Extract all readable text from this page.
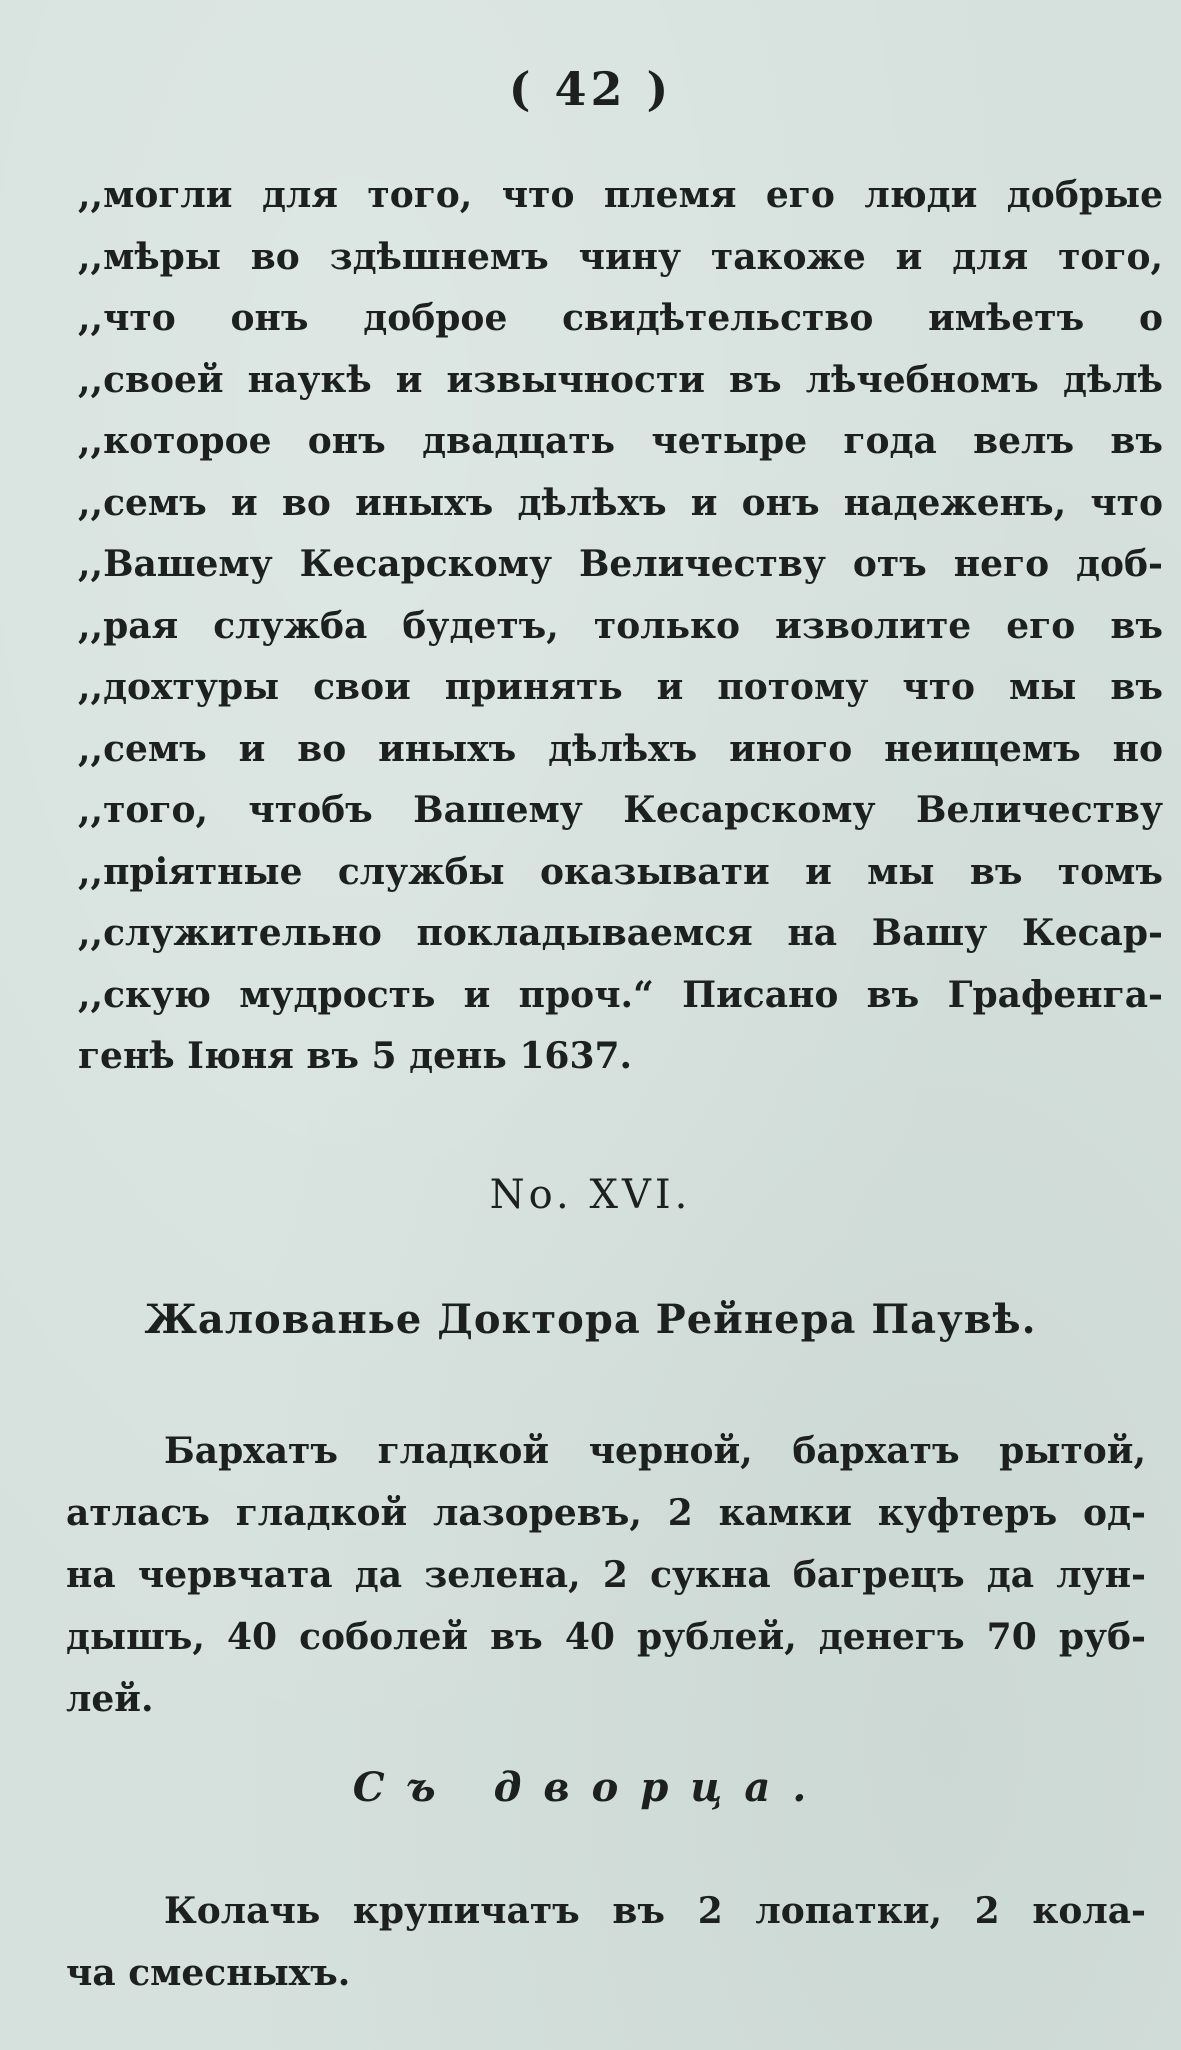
( 42 )
,,могли для того, что племя его люди добрые
,,мѣры во здѣшнемъ чину такоже и для того,
,,что онъ доброе свидѣтельство имѣетъ о
,,своей наукѣ и извычности въ лѣчебномъ дѣлѣ
,,которое онъ двадцать четыре года велъ въ
,,семъ и во иныхъ дѣлѣхъ и онъ надеженъ, что
,,Вашему Кесарскому Величеству отъ него доб-
,,рая служба будетъ, только изволите его въ
,,дохтуры свои принять и потому что мы въ
,,семъ и во иныхъ дѣлѣхъ иного неищемъ но
,,того, чтобъ Вашему Кесарскому Величеству
,,пріятные службы оказывати и мы въ томъ
,,служительно покладываемся на Вашу Кесар-
,,скую мудрость и проч.“ Писано въ Графенга-
генѣ Іюня въ 5 день 1637.
No. XVI.
Жалованье Доктора Рейнера Паувѣ.
Бархатъ гладкой черной, бархатъ рытой,
атласъ гладкой лазоревъ, 2 камки куфтеръ од-
на червчата да зелена, 2 сукна багрецъ да лун-
дышъ, 40 соболей въ 40 рублей, денегъ 70 руб-
лей.
Съ дворца.
Колачь крупичатъ въ 2 лопатки, 2 кола-
ча смесныхъ.
